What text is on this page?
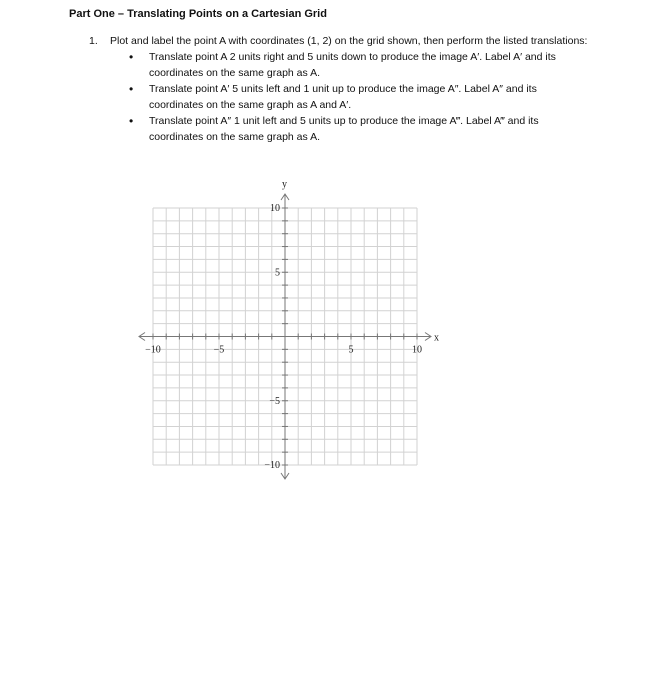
Part One – Translating Points on a Cartesian Grid
1. Plot and label the point A with coordinates (1, 2) on the grid shown, then perform the listed translations:
• Translate point A 2 units right and 5 units down to produce the image A′. Label A′ and its coordinates on the same graph as A.
• Translate point A′ 5 units left and 1 unit up to produce the image A″. Label A″ and its coordinates on the same graph as A and A′.
• Translate point A″ 1 unit left and 5 units up to produce the image A‴. Label A‴ and its coordinates on the same graph as A.
−10	−5	5	10
10
5
−5
−10
x
y
